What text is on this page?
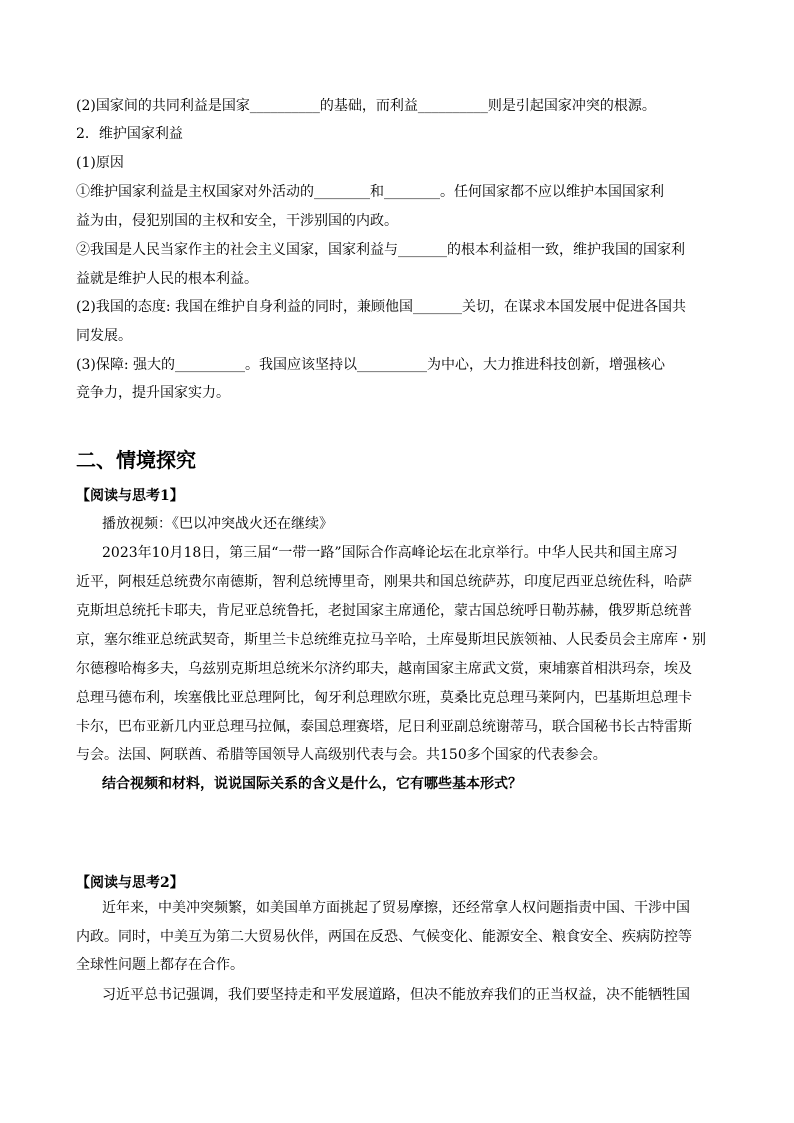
(2)国家间的共同利益是国家__________的基础，而利益__________则是引起国家冲突的根源。
2．维护国家利益
(1)原因
①维护国家利益是主权国家对外活动的________和________。任何国家都不应以维护本国国家利
益为由，侵犯别国的主权和安全，干涉别国的内政。
②我国是人民当家作主的社会主义国家，国家利益与_______的根本利益相一致，维护我国的国家利
益就是维护人民的根本利益。
(2)我国的态度: 我国在维护自身利益的同时，兼顾他国_______关切，在谋求本国发展中促进各国共
同发展。
(3)保障: 强大的__________。我国应该坚持以__________为中心，大力推进科技创新，增强核心
竞争力，提升国家实力。
二、情境探究
【阅读与思考1】
播放视频：《巴以冲突战火还在继续》
2023年10月18日，第三届“一带一路”国际合作高峰论坛在北京举行。中华人民共和国主席习
近平，阿根廷总统费尔南德斯，智利总统博里奇，刚果共和国总统萨苏，印度尼西亚总统佐科，哈萨
克斯坦总统托卡耶夫，肯尼亚总统鲁托，老挝国家主席通伦，蒙古国总统呼日勒苏赫，俄罗斯总统普
京，塞尔维亚总统武契奇，斯里兰卡总统维克拉马辛哈，土库曼斯坦民族领袖、人民委员会主席库・别
尔德穆哈梅多夫，乌兹别克斯坦总统米尔济约耶夫，越南国家主席武文赏，柬埔寨首相洪玛奈，埃及
总理马德布利，埃塞俄比亚总理阿比，匈牙利总理欧尔班，莫桑比克总理马莱阿内，巴基斯坦总理卡
卡尔，巴布亚新几内亚总理马拉佩，泰国总理赛塔，尼日利亚副总统谢蒂马，联合国秘书长古特雷斯
与会。法国、阿联酋、希腊等国领导人高级别代表与会。共150多个国家的代表参会。
结合视频和材料，说说国际关系的含义是什么，它有哪些基本形式？
【阅读与思考2】
近年来，中美冲突频繁，如美国单方面挑起了贸易摩擦，还经常拿人权问题指责中国、干涉中国
内政。同时，中美互为第二大贸易伙伴，两国在反恐、气候变化、能源安全、粮食安全、疾病防控等
全球性问题上都存在合作。
习近平总书记强调，我们要坚持走和平发展道路，但决不能放弃我们的正当权益，决不能牺牲国
